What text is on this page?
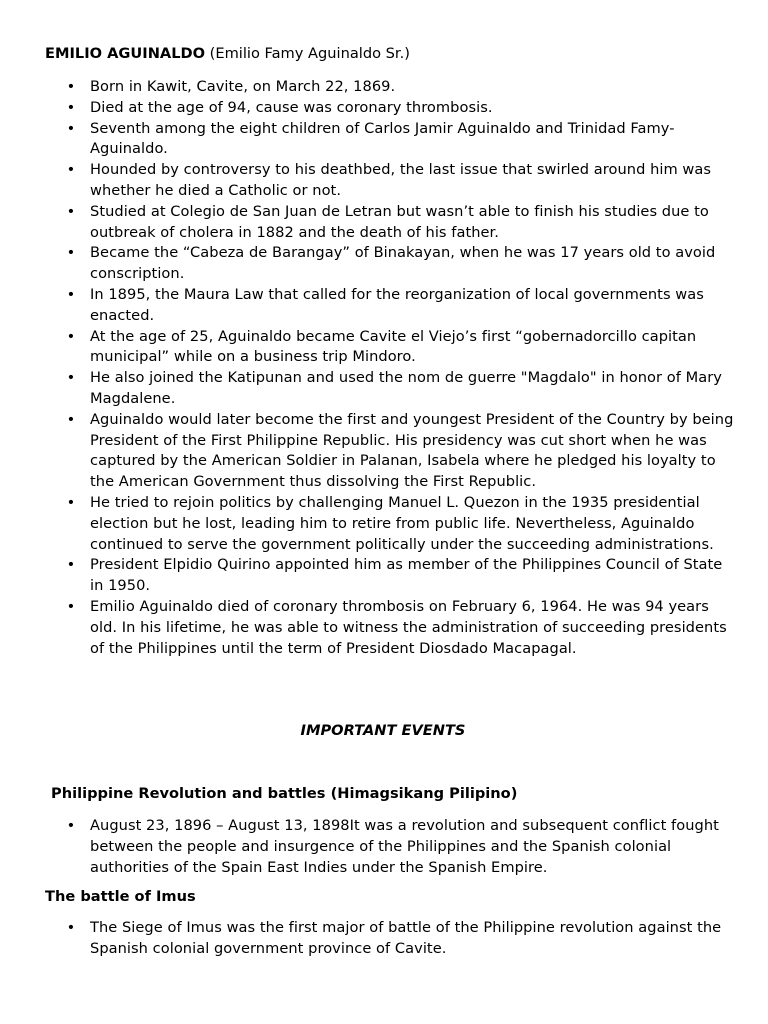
EMILIO AGUINALDO (Emilio Famy Aguinaldo Sr.)

• Born in Kawit, Cavite, on March 22, 1869.
• Died at the age of 94, cause was coronary thrombosis.
• Seventh among the eight children of Carlos Jamir Aguinaldo and Trinidad Famy-Aguinaldo.
• Hounded by controversy to his deathbed, the last issue that swirled around him was whether he died a Catholic or not.
• Studied at Colegio de San Juan de Letran but wasn’t able to finish his studies due to outbreak of cholera in 1882 and the death of his father.
• Became the “Cabeza de Barangay” of Binakayan, when he was 17 years old to avoid conscription.
• In 1895, the Maura Law that called for the reorganization of local governments was enacted.
• At the age of 25, Aguinaldo became Cavite el Viejo’s first “gobernadorcillo capitan municipal” while on a business trip Mindoro.
• He also joined the Katipunan and used the nom de guerre "Magdalo" in honor of Mary Magdalene.
• Aguinaldo would later become the first and youngest President of the Country by being President of the First Philippine Republic. His presidency was cut short when he was captured by the American Soldier in Palanan, Isabela where he pledged his loyalty to the American Government thus dissolving the First Republic.
• He tried to rejoin politics by challenging Manuel L. Quezon in the 1935 presidential election but he lost, leading him to retire from public life. Nevertheless, Aguinaldo continued to serve the government politically under the succeeding administrations.
• President Elpidio Quirino appointed him as member of the Philippines Council of State in 1950.
• Emilio Aguinaldo died of coronary thrombosis on February 6, 1964. He was 94 years old. In his lifetime, he was able to witness the administration of succeeding presidents of the Philippines until the term of President Diosdado Macapagal.

IMPORTANT EVENTS

Philippine Revolution and battles (Himagsikang Pilipino)

• August 23, 1896 – August 13, 1898It was a revolution and subsequent conflict fought between the people and insurgence of the Philippines and the Spanish colonial authorities of the Spain East Indies under the Spanish Empire.

The battle of Imus

• The Siege of Imus was the first major of battle of the Philippine revolution against the Spanish colonial government province of Cavite.
